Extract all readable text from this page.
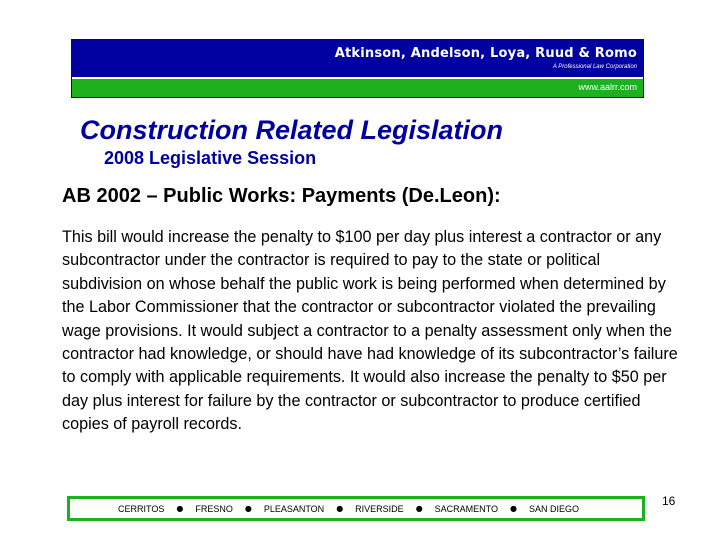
Atkinson, Andelson, Loya, Ruud & Romo
A Professional Law Corporation
www.aalrr.com
Construction Related Legislation
2008 Legislative Session
AB 2002 – Public Works: Payments (De.Leon):

This bill would increase the penalty to $100 per day plus interest a contractor or any subcontractor under the contractor is required to pay to the state or political subdivision on whose behalf the public work is being performed when determined by the Labor Commissioner that the contractor or subcontractor violated the prevailing wage provisions. It would subject a contractor to a penalty assessment only when the contractor had knowledge, or should have had knowledge of its subcontractor’s failure to comply with applicable requirements. It would also increase the penalty to $50 per day plus interest for failure by the contractor or subcontractor to produce certified copies of payroll records.

CERRITOS ● FRESNO ● PLEASANTON ● RIVERSIDE ● SACRAMENTO ● SAN DIEGO
16
